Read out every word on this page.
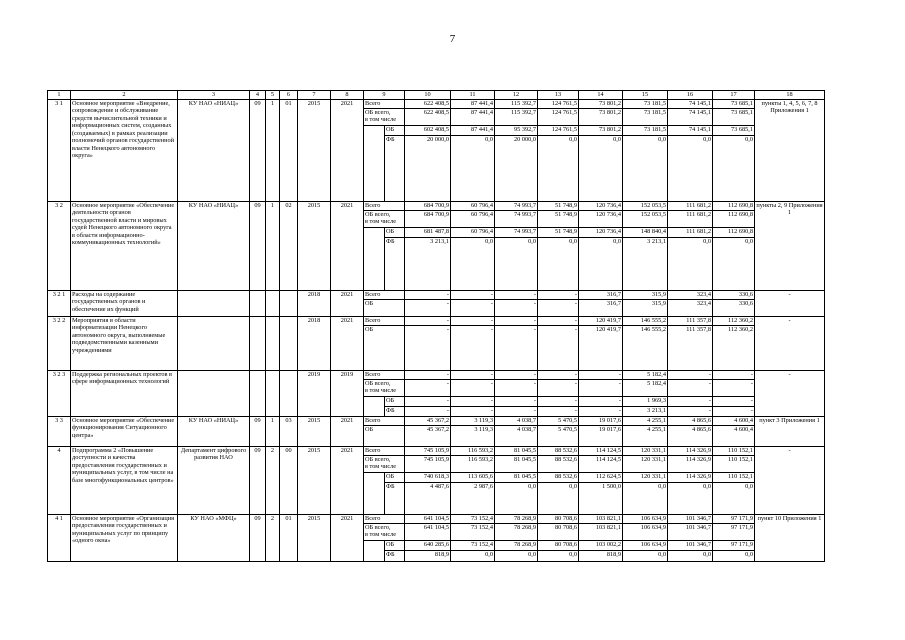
7
1	2	3	4	5	6	7	8	9		10	11	12	13	14	15	16	17	18
3 1	Основное мероприятие «Внедрение, сопровождение и обслуживание средств вычислительной техники и информационных систем, созданных (создаваемых) в рамках реализации полномочий органов государственной власти Ненецкого автономного округа»	КУ НАО «НИАЦ»	09	1	01	2015	2021	Всего		622 408,5	87 441,4	115 392,7	124 761,5	73 801,2	73 181,5	74 145,1	73 685,1	пункты 1, 4, 5, 6, 7, 8 Приложения 1
								ОБ всего,
в том числе		622 408,5	87 441,4	115 392,7	124 761,5	73 801,2	73 181,5	74 145,1	73 685,1	
									ОБ	602 408,5	87 441,4	95 392,7	124 761,5	73 801,2	73 181,5	74 145,1	73 685,1	
									ФБ	20 000,0	0,0	20 000,0	0,0	0,0	0,0	0,0	0,0	
3 2	Основное мероприятие «Обеспечение деятельности органов государственной власти и мировых судей Ненецкого автономного округа в области информационно-коммуникационных технологий»	КУ НАО «НИАЦ»	09	1	02	2015	2021	Всего		684 700,9	60 796,4	74 993,7	51 748,9	120 736,4	152 053,5	111 681,2	112 690,8	пункты 2, 9 Приложения 1
								ОБ всего,
в том числе		684 700,9	60 796,4	74 993,7	51 748,9	120 736,4	152 053,5	111 681,2	112 690,8	
									ОБ	681 487,8	60 796,4	74 993,7	51 748,9	120 736,4	148 840,4	111 681,2	112 690,8	
									ФБ	3 213,1	0,0	0,0	0,0	0,0	3 213,1	0,0	0,0	
3 2 1	Расходы на содержание государственных органов и обеспечение их функций					2018	2021	Всего		-	-	-	-	316,7	315,9	323,4	330,6	-
								ОБ		-	-	-	-	316,7	315,9	323,4	330,6	
3 2 2	Мероприятия в области информатизации Ненецкого автономного округа, выполняемые подведомственными казенными учреждениями					2018	2021	Всего		-	-	-	-	120 419,7	146 555,2	111 357,8	112 360,2	-
								ОБ		-	-	-	-	120 419,7	146 555,2	111 357,8	112 360,2	
3 2 3	Поддержка региональных проектов в сфере информационных технологий					2019	2019	Всего		-	-	-	-	-	5 182,4	-	-	-
								ОБ всего,
в том числе		-	-	-	-	-	5 182,4	-	-	
									ОБ	-	-	-	-	-	1 969,3	-	-	
									ФБ	-	-	-	-	-	3 213,1	-	-	
3 3	Основное мероприятие «Обеспечение функционирования Ситуационного центра»	КУ НАО «НИАЦ»	09	1	03	2015	2021	Всего		45 367,2	3 119,3	4 038,7	5 470,5	19 017,6	4 255,1	4 865,6	4 600,4	пункт 3 Приложения 1
								ОБ		45 367,2	3 119,3	4 038,7	5 470,5	19 017,6	4 255,1	4 865,6	4 600,4	
4	Подпрограмма 2 «Повышение доступности и качества предоставления государственных и муниципальных услуг, в том числе на базе многофункциональных центров»	Департамент цифрового развития НАО	09	2	00	2015	2021	Всего		745 105,9	116 593,2	81 045,5	88 532,6	114 124,5	120 331,1	114 326,9	110 152,1	-
								ОБ всего,
в том числе		745 105,9	116 593,2	81 045,5	88 532,6	114 124,5	120 331,1	114 326,9	110 152,1	
									ОБ	740 618,3	113 605,6	81 045,5	88 532,6	112 624,5	120 331,1	114 326,9	110 152,1	
									ФБ	4 487,6	2 987,6	0,0	0,0	1 500,0	0,0	0,0	0,0	
4 1	Основное мероприятие «Организация предоставления государственных и муниципальных услуг по принципу «одного окна»	КУ НАО «МФЦ»	09	2	01	2015	2021	Всего		641 104,5	73 152,4	78 268,9	80 708,6	103 821,1	106 634,9	101 346,7	97 171,9	пункт 10 Приложения 1
								ОБ всего,
в том числе		641 104,5	73 152,4	78 268,9	80 708,6	103 821,1	106 634,9	101 346,7	97 171,9	
									ОБ	640 285,6	73 152,4	78 268,9	80 708,6	103 002,2	106 634,9	101 346,7	97 171,9	
									ФБ	818,9	0,0	0,0	0,0	818,9	0,0	0,0	0,0	
